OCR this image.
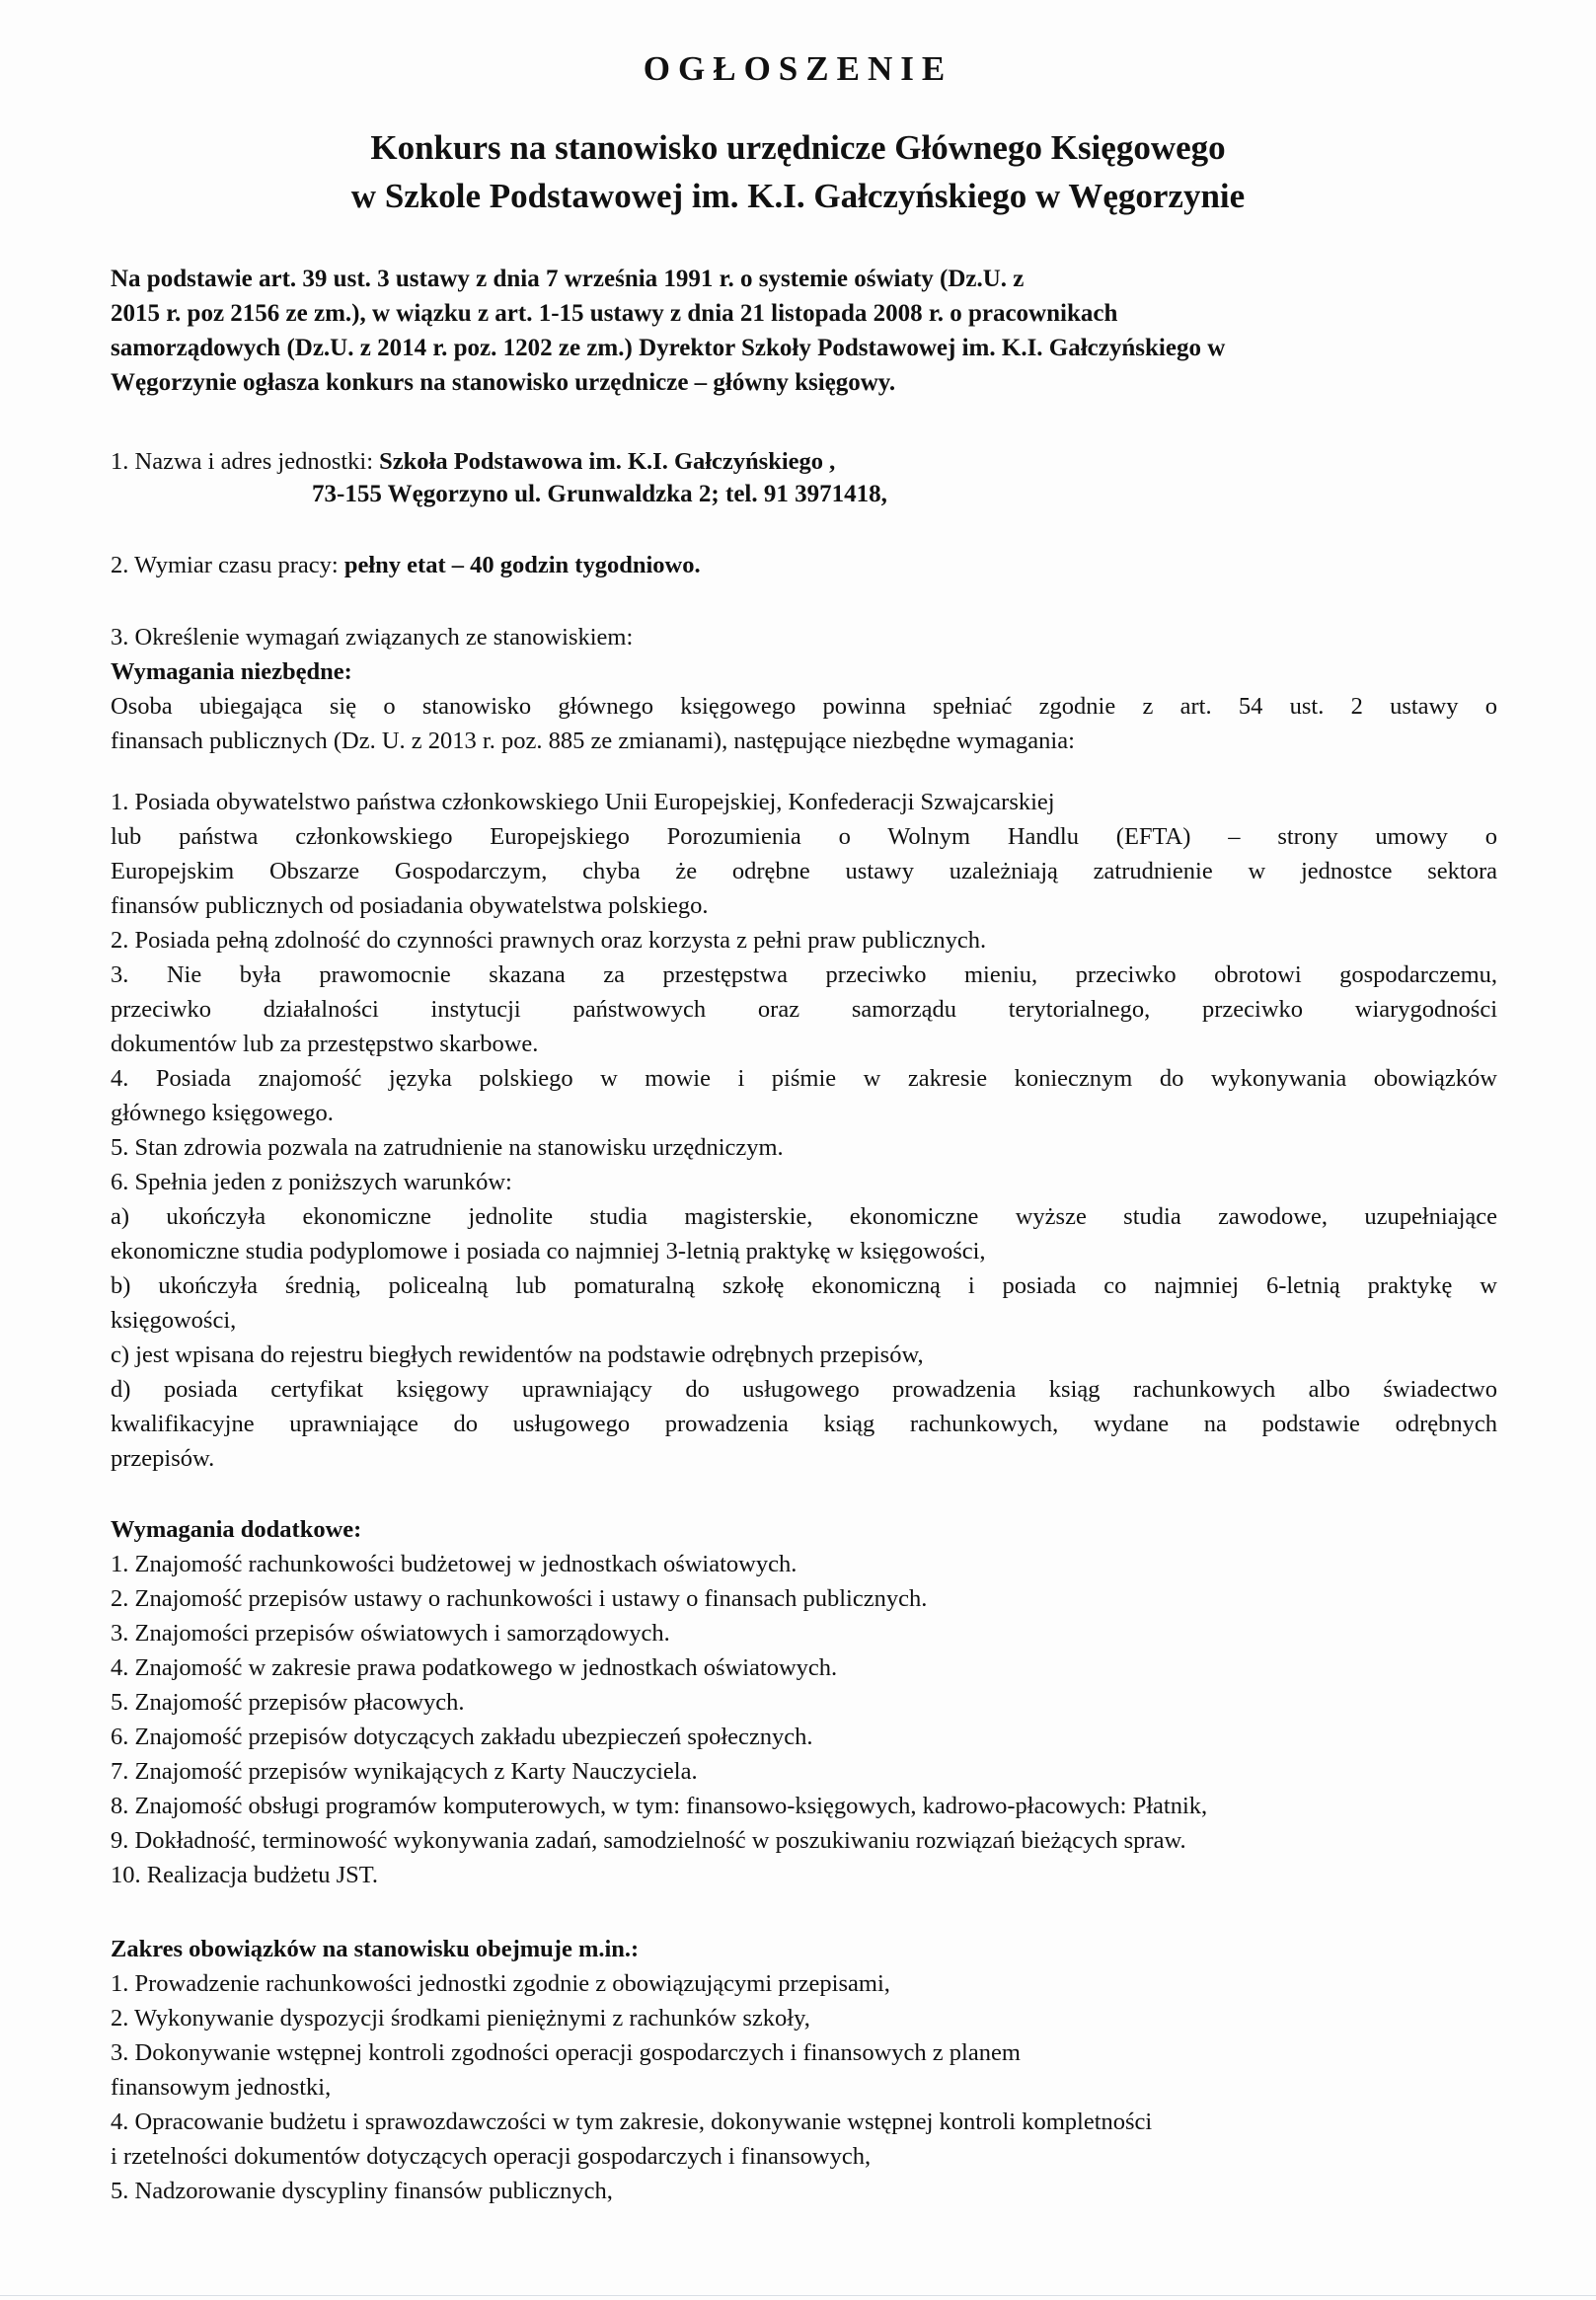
OGŁOSZENIE
Konkurs na stanowisko urzędnicze Głównego Księgowego
w Szkole Podstawowej im. K.I. Gałczyńskiego w Węgorzynie
Na podstawie art. 39 ust. 3 ustawy z dnia 7 września 1991 r. o systemie oświaty (Dz.U. z
2015 r. poz 2156 ze zm.), w wiązku z art. 1-15 ustawy z dnia 21 listopada 2008 r. o pracownikach
samorządowych (Dz.U. z 2014 r. poz. 1202 ze zm.) Dyrektor Szkoły Podstawowej im. K.I. Gałczyńskiego w
Węgorzynie ogłasza konkurs na stanowisko urzędnicze – główny księgowy.
1. Nazwa i adres jednostki: Szkoła Podstawowa im. K.I. Gałczyńskiego ,
73-155 Węgorzyno ul. Grunwaldzka 2; tel. 91 3971418,
2. Wymiar czasu pracy: pełny etat – 40 godzin tygodniowo.
3. Określenie wymagań związanych ze stanowiskiem:
Wymagania niezbędne:
Osoba ubiegająca się o stanowisko głównego księgowego powinna spełniać zgodnie z art. 54 ust. 2 ustawy o
finansach publicznych (Dz. U. z 2013 r. poz. 885 ze zmianami), następujące niezbędne wymagania:
1. Posiada obywatelstwo państwa członkowskiego Unii Europejskiej, Konfederacji Szwajcarskiej
lub państwa członkowskiego Europejskiego Porozumienia o Wolnym Handlu (EFTA) – strony umowy o
Europejskim Obszarze Gospodarczym, chyba że odrębne ustawy uzależniają zatrudnienie w jednostce sektora
finansów publicznych od posiadania obywatelstwa polskiego.
2. Posiada pełną zdolność do czynności prawnych oraz korzysta z pełni praw publicznych.
3. Nie była prawomocnie skazana za przestępstwa przeciwko mieniu, przeciwko obrotowi gospodarczemu,
przeciwko działalności instytucji państwowych oraz samorządu terytorialnego, przeciwko wiarygodności
dokumentów lub za przestępstwo skarbowe.
4. Posiada znajomość języka polskiego w mowie i piśmie w zakresie koniecznym do wykonywania obowiązków
głównego księgowego.
5. Stan zdrowia pozwala na zatrudnienie na stanowisku urzędniczym.
6. Spełnia jeden z poniższych warunków:
a) ukończyła ekonomiczne jednolite studia magisterskie, ekonomiczne wyższe studia zawodowe, uzupełniające
ekonomiczne studia podyplomowe i posiada co najmniej 3-letnią praktykę w księgowości,
b) ukończyła średnią, policealną lub pomaturalną szkołę ekonomiczną i posiada co najmniej 6-letnią praktykę w
księgowości,
c) jest wpisana do rejestru biegłych rewidentów na podstawie odrębnych przepisów,
d) posiada certyfikat księgowy uprawniający do usługowego prowadzenia ksiąg rachunkowych albo świadectwo
kwalifikacyjne uprawniające do usługowego prowadzenia ksiąg rachunkowych, wydane na podstawie odrębnych
przepisów.
Wymagania dodatkowe:
1. Znajomość rachunkowości budżetowej w jednostkach oświatowych.
2. Znajomość przepisów ustawy o rachunkowości i ustawy o finansach publicznych.
3. Znajomości przepisów oświatowych i samorządowych.
4. Znajomość w zakresie prawa podatkowego w jednostkach oświatowych.
5. Znajomość przepisów płacowych.
6. Znajomość przepisów dotyczących zakładu ubezpieczeń społecznych.
7. Znajomość przepisów wynikających z Karty Nauczyciela.
8. Znajomość obsługi programów komputerowych, w tym: finansowo-księgowych, kadrowo-płacowych: Płatnik,
9. Dokładność, terminowość wykonywania zadań, samodzielność w poszukiwaniu rozwiązań bieżących spraw.
10. Realizacja budżetu JST.
Zakres obowiązków na stanowisku obejmuje m.in.:
1. Prowadzenie rachunkowości jednostki zgodnie z obowiązującymi przepisami,
2. Wykonywanie dyspozycji środkami pieniężnymi z rachunków szkoły,
3. Dokonywanie wstępnej kontroli zgodności operacji gospodarczych i finansowych z planem
finansowym jednostki,
4. Opracowanie budżetu i sprawozdawczości w tym zakresie, dokonywanie wstępnej kontroli kompletności
i rzetelności dokumentów dotyczących operacji gospodarczych i finansowych,
5. Nadzorowanie dyscypliny finansów publicznych,
